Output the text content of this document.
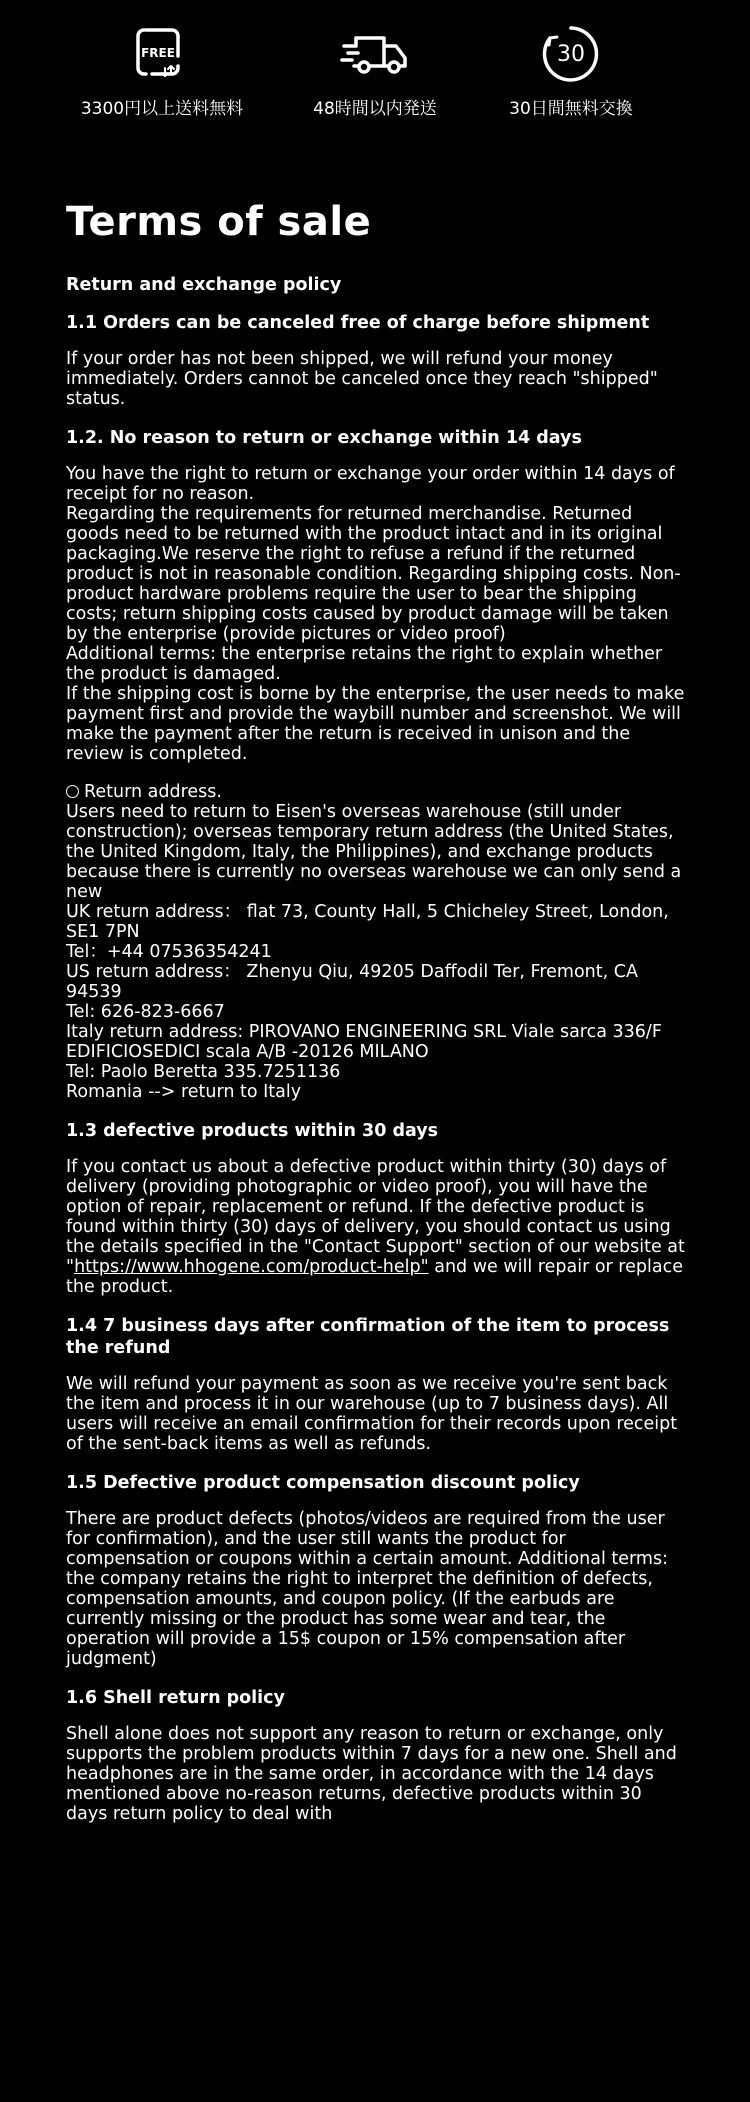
FREE
3300円以上送料無料	48時間以内発送
30
30日間無料交換
Terms of sale
Return and exchange policy
1.1 Orders can be canceled free of charge before shipment
If your order has not been shipped, we will refund your money immediately. Orders cannot be canceled once they reach "shipped" status.
1.2. No reason to return or exchange within 14 days
You have the right to return or exchange your order within 14 days of receipt for no reason.
Regarding the requirements for returned merchandise. Returned goods need to be returned with the product intact and in its original packaging.We reserve the right to refuse a refund if the returned product is not in reasonable condition. Regarding shipping costs. Non-product hardware problems require the user to bear the shipping costs; return shipping costs caused by product damage will be taken by the enterprise (provide pictures or video proof)
Additional terms: the enterprise retains the right to explain whether the product is damaged.
If the shipping cost is borne by the enterprise, the user needs to make payment first and provide the waybill number and screenshot. We will make the payment after the return is received in unison and the review is completed.
Return address.
Users need to return to Eisen's overseas warehouse (still under construction); overseas temporary return address (the United States, the United Kingdom, Italy, the Philippines), and exchange products because there is currently no overseas warehouse we can only send a new
UK return address： flat 73, County Hall, 5 Chicheley Street, London, SE1 7PN
Tel：+44 07536354241
US return address： Zhenyu Qiu, 49205 Daffodil Ter, Fremont, CA 94539
Tel: 626-823-6667
Italy return address: PIROVANO ENGINEERING SRL Viale sarca 336/F EDIFICIOSEDICI scala A/B -20126 MILANO
Tel: Paolo Beretta 335.7251136
Romania --> return to Italy
1.3 defective products within 30 days
If you contact us about a defective product within thirty (30) days of delivery (providing photographic or video proof), you will have the option of repair, replacement or refund. If the defective product is found within thirty (30) days of delivery, you should contact us using the details specified in the "Contact Support" section of our website at "https://www.hhogene.com/product-help" and we will repair or replace the product.
1.4 7 business days after confirmation of the item to process the refund
We will refund your payment as soon as we receive you're sent back the item and process it in our warehouse (up to 7 business days). All users will receive an email confirmation for their records upon receipt of the sent-back items as well as refunds.
1.5 Defective product compensation discount policy
There are product defects (photos/videos are required from the user for confirmation), and the user still wants the product for compensation or coupons within a certain amount. Additional terms: the company retains the right to interpret the definition of defects, compensation amounts, and coupon policy. (If the earbuds are currently missing or the product has some wear and tear, the operation will provide a 15$ coupon or 15% compensation after judgment)
1.6 Shell return policy
Shell alone does not support any reason to return or exchange, only supports the problem products within 7 days for a new one. Shell and headphones are in the same order, in accordance with the 14 days mentioned above no-reason returns, defective products within 30 days return policy to deal with
